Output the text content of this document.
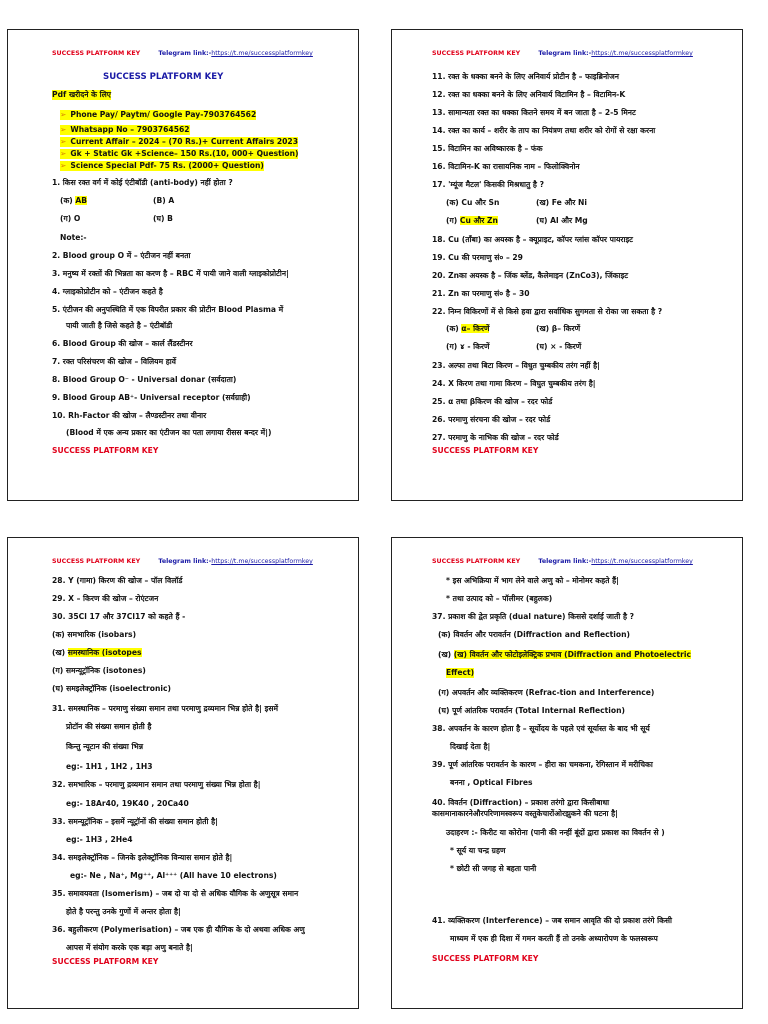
SUCCESS PLATFORM KEY	Telegram link:-https://t.me/successplatformkey
SUCCESS PLATFORM KEY
Pdf खरीदने के लिए
➢ Phone Pay/ Paytm/ Google Pay-7903764562
➢ Whatsapp No – 7903764562
➢ Current Affair – 2024 – (70 Rs.)+ Current Affairs 2023
➢ Gk + Static Gk +Science– 150 Rs.(10, 000+ Question)
➢ Science Special Pdf- 75 Rs. (2000+ Question)
1. किस रक्त वर्ग में कोई एंटीबॉडी (anti-body) नहीं होता ?
(क) AB	(B) A
(ग) O	(घ) B
Note:-
2. Blood group O में – एंटीजन नहीं बनता
3. मनुष्य में रक्तों की भिन्नता का करण है – RBC में पायी जाने वाली ग्लाइकोप्रोटीन|
4. ग्लाइकोप्रोटीन को – एंटीजन कहते है
5. एंटीजन की अनुपस्थिति में एक विपरीत प्रकार की प्रोटीन Blood Plasma में
पायी जाती है जिसे कहते है – एंटीबॉडी
6. Blood Group की खोज – कार्ल लैंडस्टीनर
7. रक्त परिसंचरण की खोज – विलियम हार्वे
8. Blood Group O⁻ - Universal donar (सर्वदाता)
9. Blood Group AB⁺- Universal receptor (सर्वग्राही)
10. Rh-Factor की खोज – लैण्डस्टीनर तथा वीनार
(Blood में एक अन्य प्रकार का एंटीजन का पता लगाया रीसस बन्दर में|)
SUCCESS PLATFORM KEY
SUCCESS PLATFORM KEY	Telegram link:-https://t.me/successplatformkey
11. रक्त के धक्का बनने के लिए अनिवार्य प्रोटीन है – फाइब्रिनोजन
12. रक्त का धक्का बनने के लिए अनिवार्य विटामिन है – विटामिन-K
13. सामान्यता रक्त का धक्का कितने समय में बन जाता है – 2-5 मिनट
14. रक्त का कार्य – शरीर के ताप का नियंत्रण तथा शरीर को रोगों से रक्षा करना
15. विटामिन का अविष्कारक है – फंक
16. विटामिन-K का रासायनिक नाम – फिलोक्विनोन
17. 'म्यूंज मैटल' किसकी मिश्रधातु है ?
(क) Cu और Sn	(ख) Fe और Ni
(ग) Cu और Zn	(घ) Al और Mg
18. Cu (ताँबा) का अयस्क है – क्यूप्राइट, कॉपर ग्लांस कॉपर पायराइट
19. Cu की परमाणु सं० – 29
20. Znका अयस्क है – जिंक ब्लेंड, कैलेमाइन (ZnCo3), जिंकाइट
21. Zn का परमाणु सं० है – 30
22. निम्न विकिरणों में से किसे हवा द्वारा सर्वाधिक सुगमता से रोका जा सकता है ?
(क) α– किरणें	(ख) β– किरणें
(ग) ɤ - किरणें	(घ) × - किरणें
23. अल्फा तथा बिटा किरण – विधुत चुम्बकीय तरंग नहीं है|
24. X किरण तथा गामा किरण – विघुत चुम्बकीय तरंग है|
25. α तथा βकिरण की खोज – रदर फोर्ड
26. परमाणु संरचना की खोज – रदर फोर्ड
27. परमाणु के नाभिक की खोज – रदर फोर्ड
SUCCESS PLATFORM KEY
SUCCESS PLATFORM KEY	Telegram link:-https://t.me/successplatformkey
28. Y (गामा) किरण की खोज – पॉल विलॉर्ड
29. X – किरण की खोज – रोएंटजन
30. 35Cl 17 और 37Cl17 को कहते हैं -
(क) समभारिक (isobars)
(ख) समस्थानिक (isotopes
(ग) समन्यूट्रॉनिक (isotones)
(घ) समइलेक्ट्रॉनिक (isoelectronic)
31. समस्थानिक – परमाणु संख्या समान तथा परमाणु द्रव्यमान भिन्न होते है| इसमें
प्रोटॉन की संख्या समान होती है
किन्तु न्यूटान की संख्या भिन्न
eg:- 1H1 , 1H2 , 1H3
32. समभारिक – परमाणु द्रव्यमान समान तथा परमाणु संख्या भिन्न होता है|
eg:- 18Ar40, 19K40 , 20Ca40
33. समन्यूट्रॉनिक – इसमें न्यूट्रॉनों की संख्या समान होती है|
eg:- 1H3 , 2He4
34. समइलेक्ट्रॉनिक – जिनके इलेक्ट्रॉनिक विन्यास समान होते है|
eg:- Ne , Na⁺, Mg⁺⁺, Al⁺⁺⁺ (All have 10 electrons)
35. समावयवता (Isomerism) – जब दो या दो से अधिक यौगिक के अणुसूत्र समान
होते है परन्तु उनके गुणों में अन्तर होता है|
36. बहुलीकरण (Polymerisation) – जब एक ही यौगिक के दो अथवा अधिक अणु
आपस में संयोग करके एक बड़ा अणु बनाते है|
SUCCESS PLATFORM KEY
SUCCESS PLATFORM KEY	Telegram link:-https://t.me/successplatformkey
* इस अभिक्रिया में भाग लेने वाले अणु को – मोनोमर कहते हैं|
* तथा उत्पाद को – पॉलीमर (बहुलक)
37. प्रकाश की द्वेत प्रकृति (dual nature) किससे दर्शाई जाती है ?
(क) विवर्तन और परावर्तन (Diffraction and Reflection)
(ख) (ख) विवर्तन और फोटोइलेक्ट्रिक प्रभाव (Diffraction and Photoelectric
Effect)
(ग) अपवर्तन और व्यक्तिकरण (Refrac-tion and Interference)
(घ) पूर्ण आंतरिक परावर्तन (Total Internal Reflection)
38. अपवर्तन के कारण होता है – सूर्योदय के पहले एवं सूर्यास्त के बाद भी सूर्य
दिखाई देता है|
39. पूर्ण आंतरिक परावर्तन के कारण – हीरा का चमकना, रेगिस्तान में मरीचिका
बनना , Optical Fibres
40. विवर्तन (Diffraction) – प्रकाश तरंगो द्वारा किसीबाधा
कासमानाकारनेऔरपरिणामस्वरूप वस्तुकेचारोंओरझुकने की घटना है|
उदाहरण :- किरीट या कोरोना (पानी की नन्हीं बूंदों द्वारा प्रकाश का विवर्तन से )
* सूर्य या चन्द्र ग्रहण
* छोटी सी जगह से बहता पानी
41. व्यक्तिकरण (Interference) – जब समान आवृति की दो प्रकाश तरंगे किसी
माध्यम में एक ही दिशा में गमन करती हैं तो उनके अध्यारोपण के फलस्वरूप
SUCCESS PLATFORM KEY
